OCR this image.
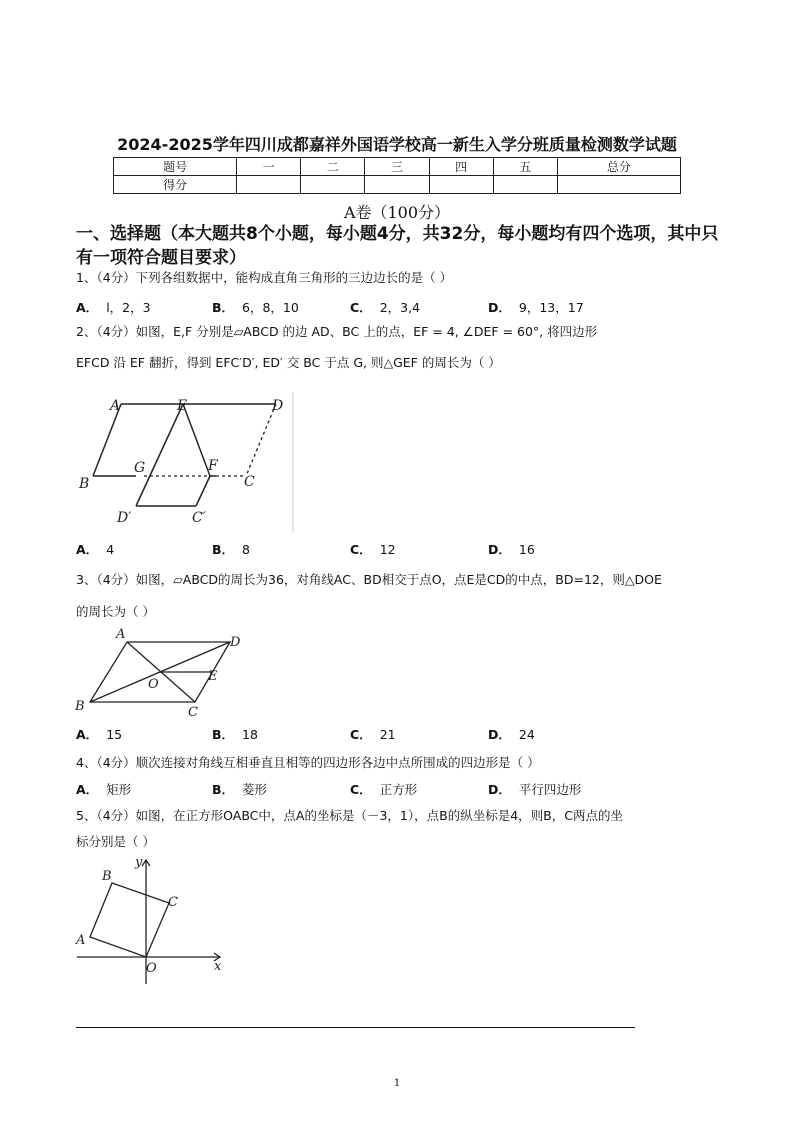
2024-2025学年四川成都嘉祥外国语学校高一新生入学分班质量检测数学试题
题号	一	二	三	四	五	总分
得分						
A卷（100分）
一、选择题（本大题共8个小题，每小题4分，共32分，每小题均有四个选项，其中只有一项符合题目要求）
1、（4分）下列各组数据中，能构成直角三角形的三边边长的是（ ）
A． l，2，3	B． 6，8，10	C． 2，3,4	D． 9，13，17
2、（4分）如图，E,F 分别是▱ABCD 的边 AD、BC 上的点，EF = 4, ∠DEF = 60°, 将四边形
EFCD 沿 EF 翻折，得到 EFC′D′, ED′ 交 BC 于点 G, 则△GEF 的周长为（ ）
A	E	D
G	F
B	C
D′	C′
A． 4	B． 8	C． 12	D． 16
3、（4分）如图，▱ABCD的周长为36，对角线AC、BD相交于点O，点E是CD的中点，BD=12，则△DOE
的周长为（ ）
A
D
O
E
B	C
A． 15	B． 18	C． 21	D． 24
4、（4分）顺次连接对角线互相垂直且相等的四边形各边中点所围成的四边形是（ ）
A． 矩形	B． 菱形	C． 正方形	D． 平行四边形
5、（4分）如图，在正方形OABC中，点A的坐标是（－3，1），点B的纵坐标是4，则B，C两点的坐
标分别是（ ）
y
B
C
A
O	x
1
